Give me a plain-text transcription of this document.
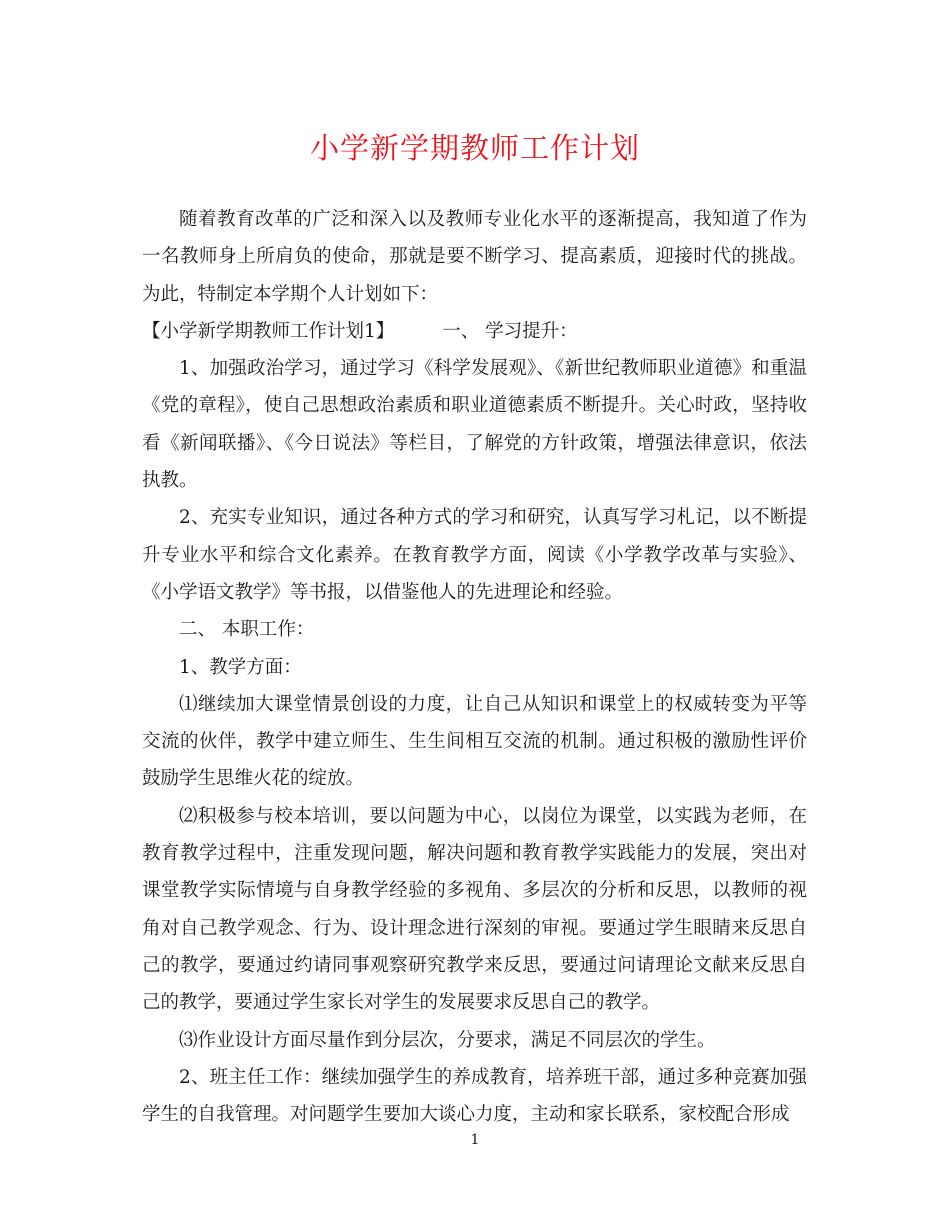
小学新学期教师工作计划

随着教育改革的广泛和深入以及教师专业化水平的逐渐提高，我知道了作为一名教师身上所肩负的使命，那就是要不断学习、提高素质，迎接时代的挑战。为此，特制定本学期个人计划如下：

【小学新学期教师工作计划1】	一、 学习提升：

1、加强政治学习，通过学习《科学发展观》、《新世纪教师职业道德》和重温《党的章程》，使自己思想政治素质和职业道德素质不断提升。关心时政，坚持收看《新闻联播》、《今日说法》等栏目，了解党的方针政策，增强法律意识，依法执教。

2、充实专业知识，通过各种方式的学习和研究，认真写学习札记，以不断提升专业水平和综合文化素养。在教育教学方面，阅读《小学教学改革与实验》、《小学语文教学》等书报，以借鉴他人的先进理论和经验。

二、 本职工作：

1、教学方面：

⑴继续加大课堂情景创设的力度，让自己从知识和课堂上的权威转变为平等交流的伙伴，教学中建立师生、生生间相互交流的机制。通过积极的激励性评价鼓励学生思维火花的绽放。

⑵积极参与校本培训，要以问题为中心，以岗位为课堂，以实践为老师，在教育教学过程中，注重发现问题，解决问题和教育教学实践能力的发展，突出对课堂教学实际情境与自身教学经验的多视角、多层次的分析和反思，以教师的视角对自己教学观念、行为、设计理念进行深刻的审视。要通过学生眼睛来反思自己的教学，要通过约请同事观察研究教学来反思，要通过问请理论文献来反思自己的教学，要通过学生家长对学生的发展要求反思自己的教学。

⑶作业设计方面尽量作到分层次，分要求，满足不同层次的学生。

2、班主任工作：继续加强学生的养成教育，培养班干部，通过多种竞赛加强学生的自我管理。对问题学生要加大谈心力度，主动和家长联系，家校配合形成

1
